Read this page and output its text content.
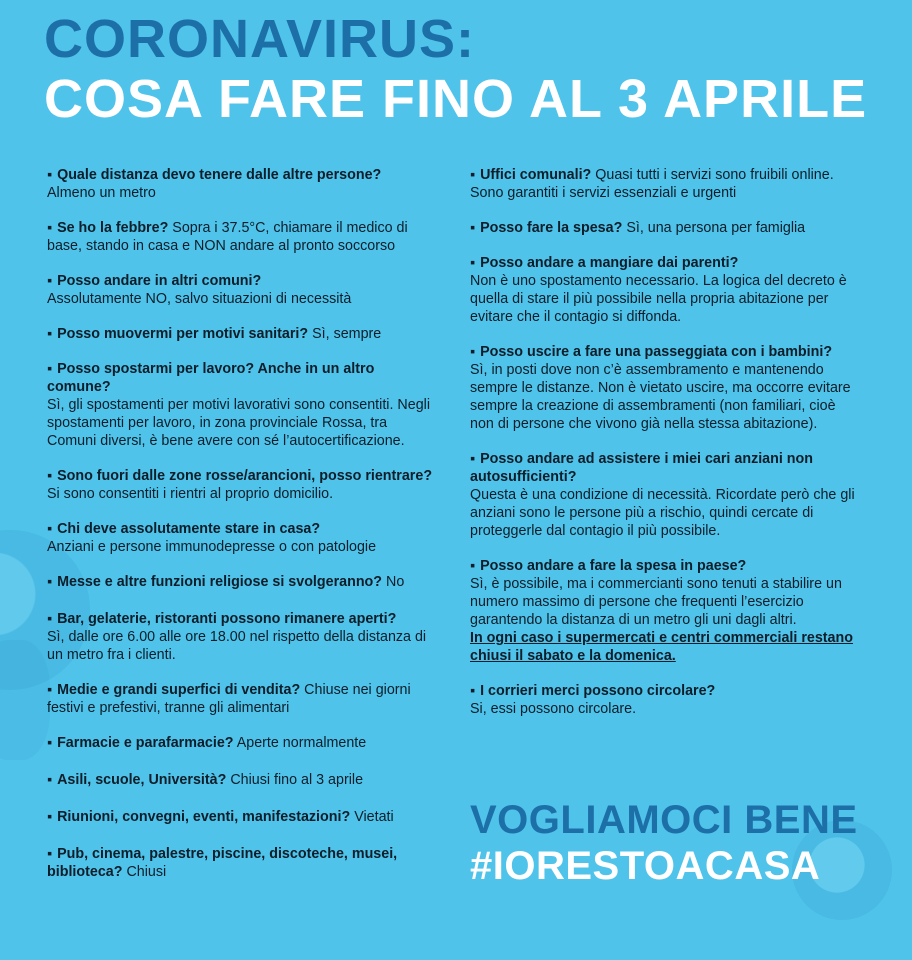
CORONAVIRUS:
COSA FARE FINO AL 3 APRILE
▪ Quale distanza devo tenere dalle altre persone?
Almeno un metro
▪ Se ho la febbre? Sopra i 37.5°C, chiamare il medico di base, stando in casa e NON andare al pronto soccorso
▪ Posso andare in altri comuni?
Assolutamente NO, salvo situazioni di necessità
▪ Posso muovermi per motivi sanitari? Sì, sempre
▪ Posso spostarmi per lavoro? Anche in un altro comune?
Sì, gli spostamenti per motivi lavorativi sono consentiti. Negli spostamenti per lavoro, in zona provinciale Rossa, tra Comuni diversi, è bene avere con sé l’autocertificazione.
▪ Sono fuori dalle zone rosse/arancioni, posso rientrare?
Si sono consentiti i rientri al proprio domicilio.
▪ Chi deve assolutamente stare in casa?
Anziani e persone immunodepresse o con patologie
▪ Messe e altre funzioni religiose si svolgeranno? No
▪ Bar, gelaterie, ristoranti possono rimanere aperti?
Sì, dalle ore 6.00 alle ore 18.00 nel rispetto della distanza di un metro fra i clienti.
▪ Medie e grandi superfici di vendita? Chiuse nei giorni festivi e prefestivi, tranne gli alimentari
▪ Farmacie e parafarmacie? Aperte normalmente
▪ Asili, scuole, Università? Chiusi fino al 3 aprile
▪ Riunioni, convegni, eventi, manifestazioni? Vietati
▪ Pub, cinema, palestre, piscine, discoteche, musei, biblioteca? Chiusi
▪ Uffici comunali? Quasi tutti i servizi sono fruibili online. Sono garantiti i servizi essenziali e urgenti
▪ Posso fare la spesa? Sì, una persona per famiglia
▪ Posso andare a mangiare dai parenti?
Non è uno spostamento necessario. La logica del decreto è quella di stare il più possibile nella propria abitazione per evitare che il contagio si diffonda.
▪ Posso uscire a fare una passeggiata con i bambini?
Sì, in posti dove non c’è assembramento e mantenendo sempre le distanze. Non è vietato uscire, ma occorre evitare sempre la creazione di assembramenti (non familiari, cioè non di persone che vivono già nella stessa abitazione).
▪ Posso andare ad assistere i miei cari anziani non autosufficienti?
Questa è una condizione di necessità. Ricordate però che gli anziani sono le persone più a rischio, quindi cercate di proteggerle dal contagio il più possibile.
▪ Posso andare a fare la spesa in paese?
Sì, è possibile, ma i commercianti sono tenuti a stabilire un numero massimo di persone che frequenti l’esercizio garantendo la distanza di un metro gli uni dagli altri.
In ogni caso i supermercati e centri commerciali restano chiusi il sabato e la domenica.
▪ I corrieri merci possono circolare?
Si, essi possono circolare.
VOGLIAMOCI BENE
#IORESTOACASA
